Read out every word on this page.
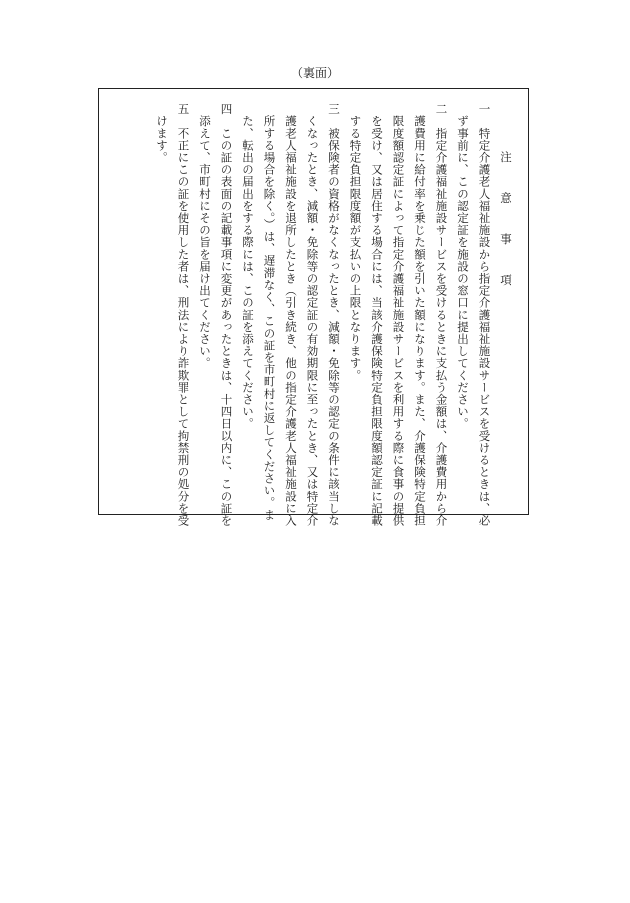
（裏面）
注　意　事　項
一　特定介護老人福祉施設から指定介護福祉施設サービスを受けるときは、必
　ず事前に、この認定証を施設の窓口に提出してください。
二　指定介護福祉施設サービスを受けるときに支払う金額は、介護費用から介
　護費用に給付率を乗じた額を引いた額になります。また、介護保険特定負担
　限度額認定証によって指定介護福祉施設サービスを利用する際に食事の提供
　を受け、又は居住する場合には、当該介護保険特定負担限度額認定証に記載
　する特定負担限度額が支払いの上限となります。
三　被保険者の資格がなくなったとき、減額・免除等の認定の条件に該当しな
　くなったとき、減額・免除等の認定証の有効期限に至ったとき、又は特定介
　護老人福祉施設を退所したとき（引き続き、他の指定介護老人福祉施設に入
　所する場合を除く。）は、遅滞なく、この証を市町村に返してください。ま
　た、転出の届出をする際には、この証を添えてください。
四　この証の表面の記載事項に変更があったときは、十四日以内に、この証を
　添えて、市町村にその旨を届け出てください。
五　不正にこの証を使用した者は、刑法により詐欺罪として拘禁刑の処分を受
　けます。
